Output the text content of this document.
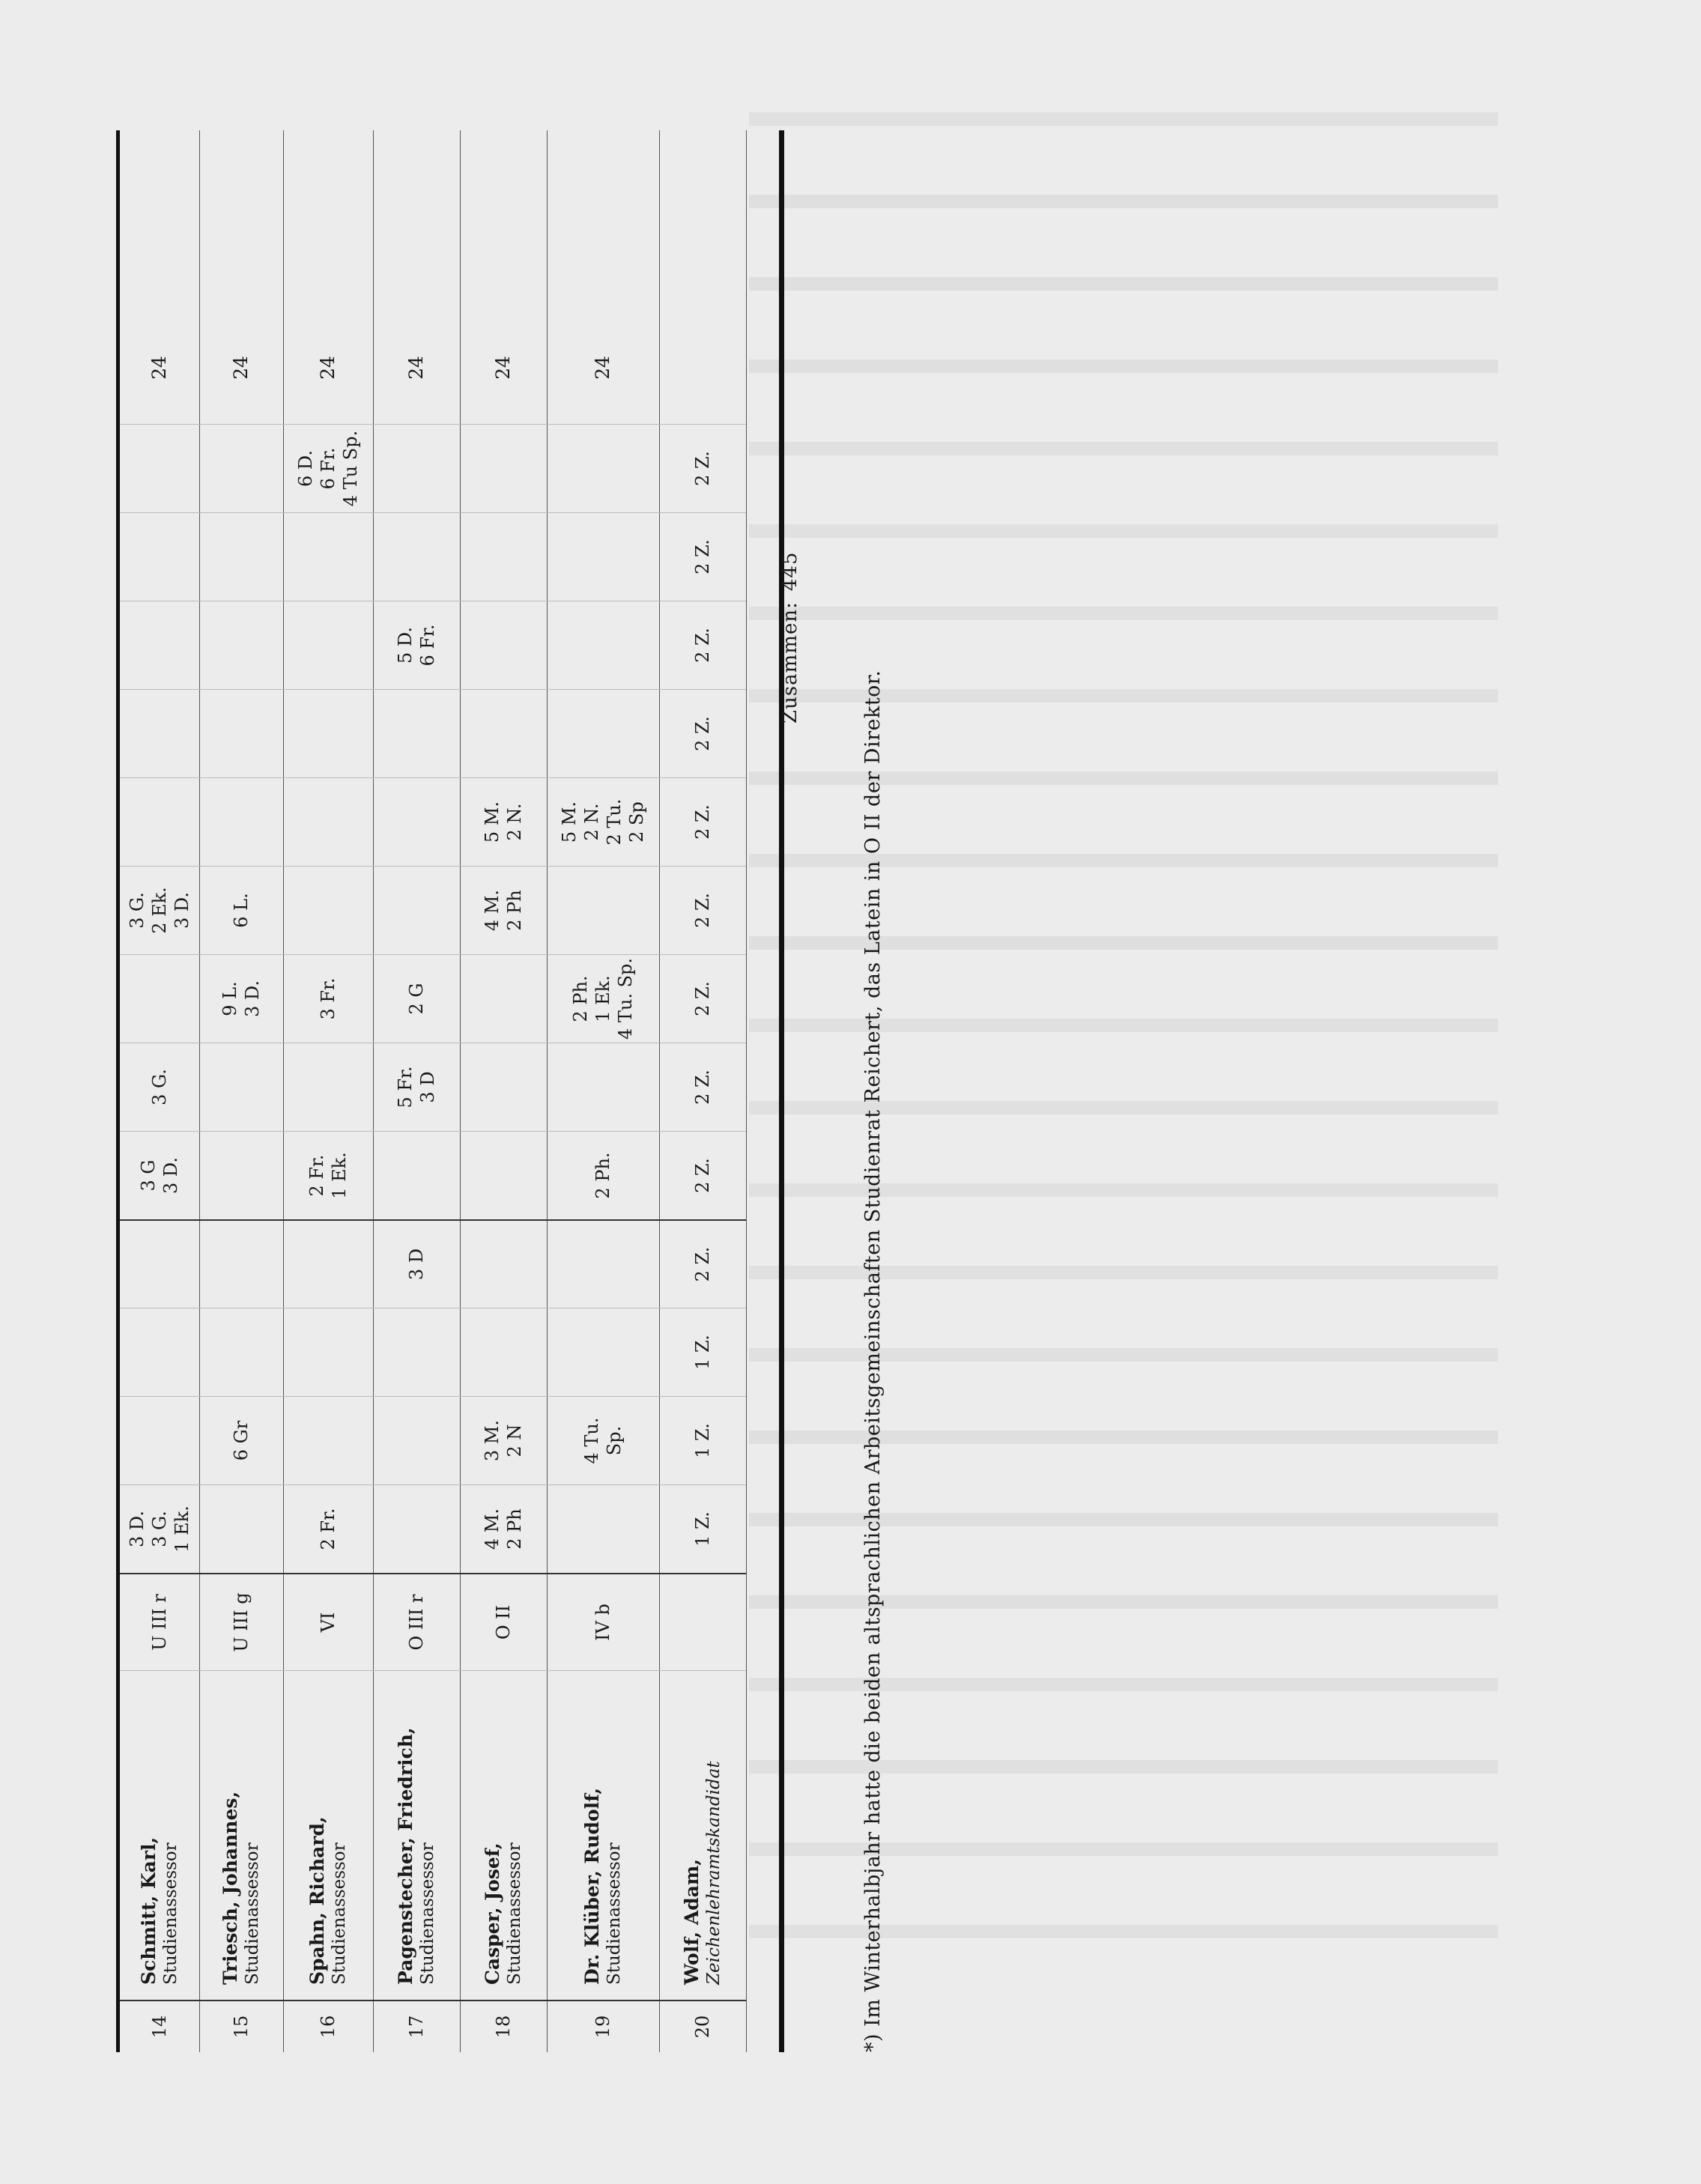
14
Schmitt, Karl, Studienassessor
U III r
3 D.
3 G.
1 Ek.
3 G
3 D.
3 G.
3 G.
2 Ek.
3 D.
24
15
Triesch, Johannes, Studienassessor
U III g
6 Gr
9 L.
3 D.
6 L.
24
16
Spahn, Richard, Studienassessor
VI
2 Fr.
2 Fr.
1 Ek.
3 Fr.
6 D.
6 Fr.
4 Tu Sp.
24
17
Pagenstecher, Friedrich, Studienassessor
O III r
3 D
5 Fr.
3 D
2 G
5 D.
6 Fr.
24
18
Casper, Josef, Studienassessor
O II
4 M.
2 Ph
3 M.
2 N
4 M.
2 Ph
5 M.
2 N.
24
19
Dr. Klüber, Rudolf, Studienassessor
IV b
4 Tu.
Sp.
2 Ph.
2 Ph.
1 Ek.
4 Tu. Sp.
5 M.
2 N.
2 Tu.
2 Sp
24
20
Wolf, Adam, Zeichenlehramtskandidat
1 Z.
1 Z.
1 Z.
2 Z.
2 Z.
2 Z.
2 Z.
2 Z.
2 Z.
2 Z.
2 Z.
2 Z.
2 Z.
Zusammen:445
*) Im Winterhalbjahr hatte die beiden altsprachlichen Arbeitsgemeinschaften Studienrat Reichert, das Latein in O II der Direktor.
